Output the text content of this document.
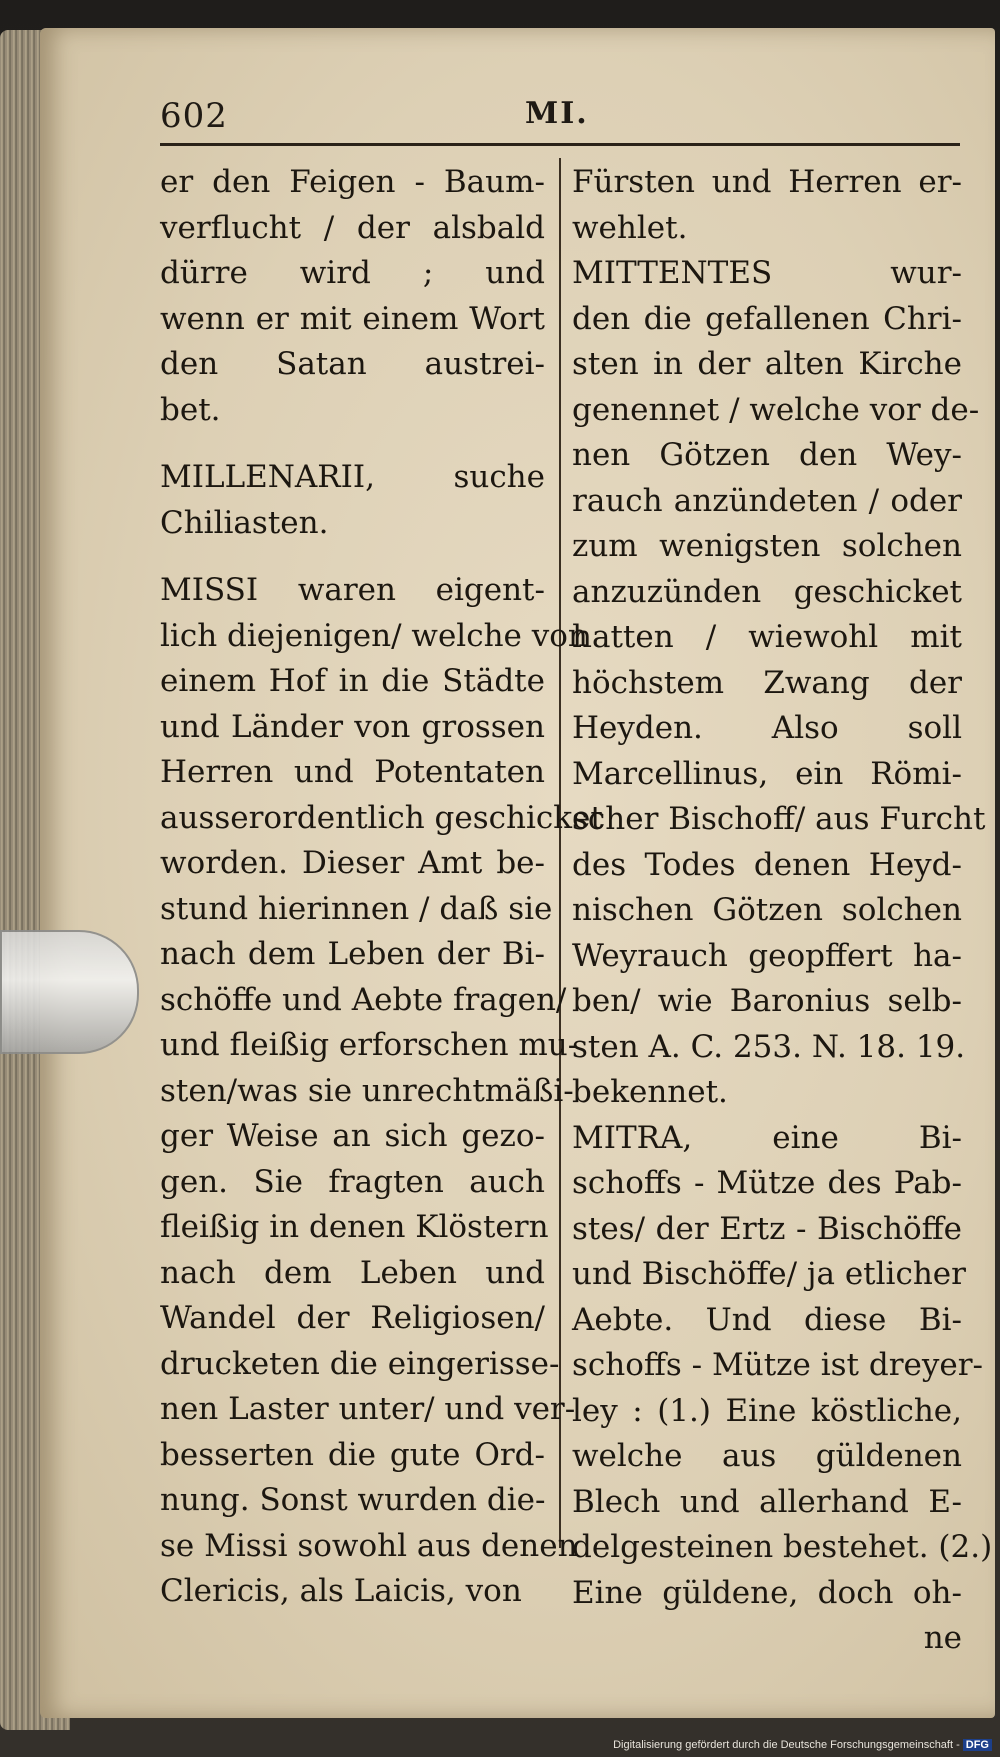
602	MI.
er den Feigen - Baum-
verflucht / der alsbald
dürre wird ; und
wenn er mit einem Wort
den Satan austrei-
bet.
MILLENARII, suche
Chiliasten.
MISSI waren eigent-
lich diejenigen/ welche von
einem Hof in die Städte
und Länder von grossen
Herren und Potentaten
ausserordentlich geschicket
worden. Dieser Amt be-
stund hierinnen / daß sie
nach dem Leben der Bi-
schöffe und Aebte fragen/
und fleißig erforschen mu-
sten/was sie unrechtmäßi-
ger Weise an sich gezo-
gen. Sie fragten auch
fleißig in denen Klöstern
nach dem Leben und
Wandel der Religiosen/
drucketen die eingerisse-
nen Laster unter/ und ver-
besserten die gute Ord-
nung. Sonst wurden die-
se Missi sowohl aus denen
Clericis, als Laicis, von
Fürsten und Herren er-
wehlet.
MITTENTES wur-
den die gefallenen Chri-
sten in der alten Kirche
genennet / welche vor de-
nen Götzen den Wey-
rauch anzündeten / oder
zum wenigsten solchen
anzuzünden geschicket
hatten / wiewohl mit
höchstem Zwang der
Heyden. Also soll
Marcellinus, ein Römi-
scher Bischoff/ aus Furcht
des Todes denen Heyd-
nischen Götzen solchen
Weyrauch geopffert ha-
ben/ wie Baronius selb-
sten A. C. 253. N. 18. 19.
bekennet.
MITRA, eine Bi-
schoffs - Mütze des Pab-
stes/ der Ertz - Bischöffe
und Bischöffe/ ja etlicher
Aebte. Und diese Bi-
schoffs - Mütze ist dreyer-
ley : (1.) Eine köstliche,
welche aus güldenen
Blech und allerhand E-
delgesteinen bestehet. (2.)
Eine güldene, doch oh-
ne
Digitalisierung gefördert durch die Deutsche Forschungsgemeinschaft - DFG
